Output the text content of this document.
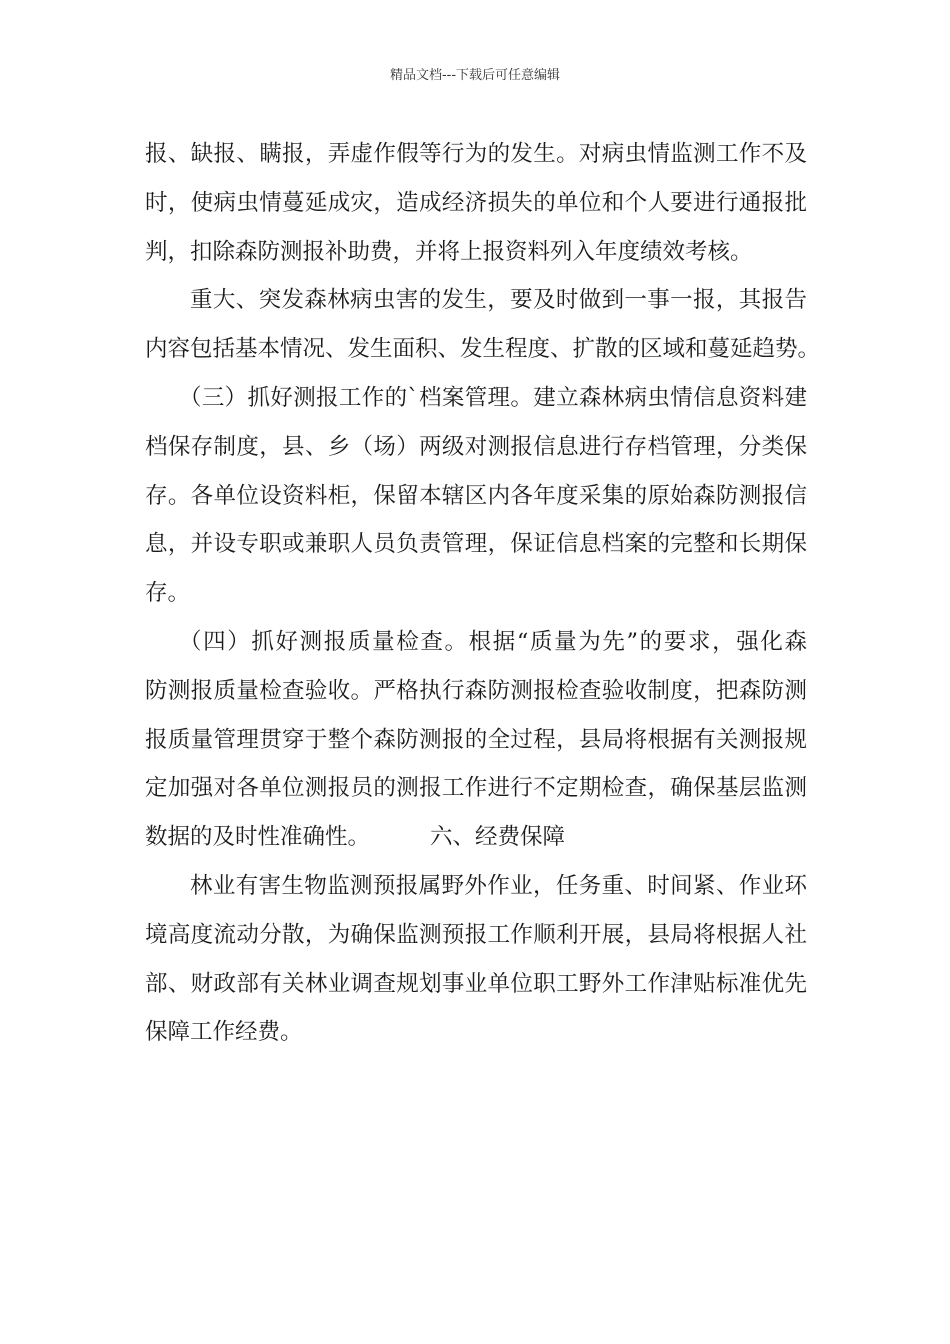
精品文档---下载后可任意编辑
报、缺报、瞒报，弄虚作假等行为的发生。对病虫情监测工作不及
时，使病虫情蔓延成灾，造成经济损失的单位和个人要进行通报批
判，扣除森防测报补助费，并将上报资料列入年度绩效考核。
重大、突发森林病虫害的发生，要及时做到一事一报，其报告
内容包括基本情况、发生面积、发生程度、扩散的区域和蔓延趋势。
（三）抓好测报工作的`档案管理。建立森林病虫情信息资料建
档保存制度，县、乡（场）两级对测报信息进行存档管理，分类保
存。各单位设资料柜，保留本辖区内各年度采集的原始森防测报信
息，并设专职或兼职人员负责管理，保证信息档案的完整和长期保
存。
（四）抓好测报质量检查。根据“质量为先”的要求，强化森
防测报质量检查验收。严格执行森防测报检查验收制度，把森防测
报质量管理贯穿于整个森防测报的全过程，县局将根据有关测报规
定加强对各单位测报员的测报工作进行不定期检查，确保基层监测
数据的及时性准确性。	六、经费保障
林业有害生物监测预报属野外作业，任务重、时间紧、作业环
境高度流动分散，为确保监测预报工作顺利开展，县局将根据人社
部、财政部有关林业调查规划事业单位职工野外工作津贴标准优先
保障工作经费。
